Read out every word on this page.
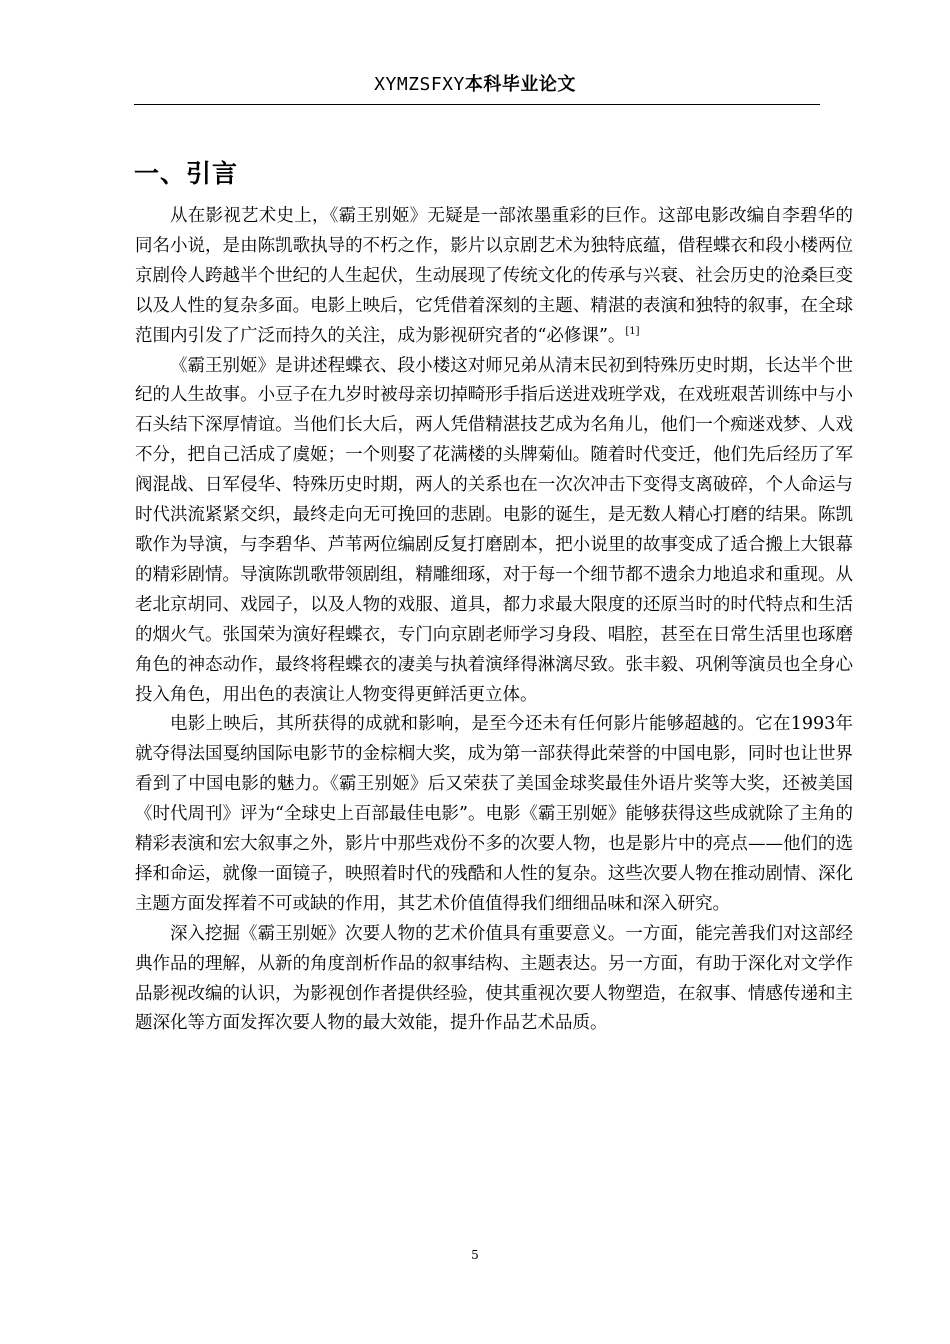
XYMZSFXY本科毕业论文
一、引言

从在影视艺术史上，《霸王别姬》无疑是一部浓墨重彩的巨作。这部电影改编自李碧华的同名小说，是由陈凯歌执导的不朽之作，影片以京剧艺术为独特底蕴，借程蝶衣和段小楼两位京剧伶人跨越半个世纪的人生起伏，生动展现了传统文化的传承与兴衰、社会历史的沧桑巨变以及人性的复杂多面。电影上映后，它凭借着深刻的主题、精湛的表演和独特的叙事，在全球范围内引发了广泛而持久的关注，成为影视研究者的“必修课”。[1]

《霸王别姬》是讲述程蝶衣、段小楼这对师兄弟从清末民初到特殊历史时期，长达半个世纪的人生故事。小豆子在九岁时被母亲切掉畸形手指后送进戏班学戏，在戏班艰苦训练中与小石头结下深厚情谊。当他们长大后，两人凭借精湛技艺成为名角儿，他们一个痴迷戏梦、人戏不分，把自己活成了虞姬；一个则娶了花满楼的头牌菊仙。随着时代变迁，他们先后经历了军阀混战、日军侵华、特殊历史时期，两人的关系也在一次次冲击下变得支离破碎，个人命运与时代洪流紧紧交织，最终走向无可挽回的悲剧。电影的诞生，是无数人精心打磨的结果。陈凯歌作为导演，与李碧华、芦苇两位编剧反复打磨剧本，把小说里的故事变成了适合搬上大银幕的精彩剧情。导演陈凯歌带领剧组，精雕细琢，对于每一个细节都不遗余力地追求和重现。从老北京胡同、戏园子，以及人物的戏服、道具，都力求最大限度的还原当时的时代特点和生活的烟火气。张国荣为演好程蝶衣，专门向京剧老师学习身段、唱腔，甚至在日常生活里也琢磨角色的神态动作，最终将程蝶衣的凄美与执着演绎得淋漓尽致。张丰毅、巩俐等演员也全身心投入角色，用出色的表演让人物变得更鲜活更立体。

电影上映后，其所获得的成就和影响，是至今还未有任何影片能够超越的。它在1993年就夺得法国戛纳国际电影节的金棕榈大奖，成为第一部获得此荣誉的中国电影，同时也让世界看到了中国电影的魅力。《霸王别姬》后又荣获了美国金球奖最佳外语片奖等大奖，还被美国《时代周刊》评为“全球史上百部最佳电影”。电影《霸王别姬》能够获得这些成就除了主角的精彩表演和宏大叙事之外，影片中那些戏份不多的次要人物，也是影片中的亮点——他们的选择和命运，就像一面镜子，映照着时代的残酷和人性的复杂。这些次要人物在推动剧情、深化主题方面发挥着不可或缺的作用，其艺术价值值得我们细细品味和深入研究。

深入挖掘《霸王别姬》次要人物的艺术价值具有重要意义。一方面，能完善我们对这部经典作品的理解，从新的角度剖析作品的叙事结构、主题表达。另一方面，有助于深化对文学作品影视改编的认识，为影视创作者提供经验，使其重视次要人物塑造，在叙事、情感传递和主题深化等方面发挥次要人物的最大效能，提升作品艺术品质。

5
